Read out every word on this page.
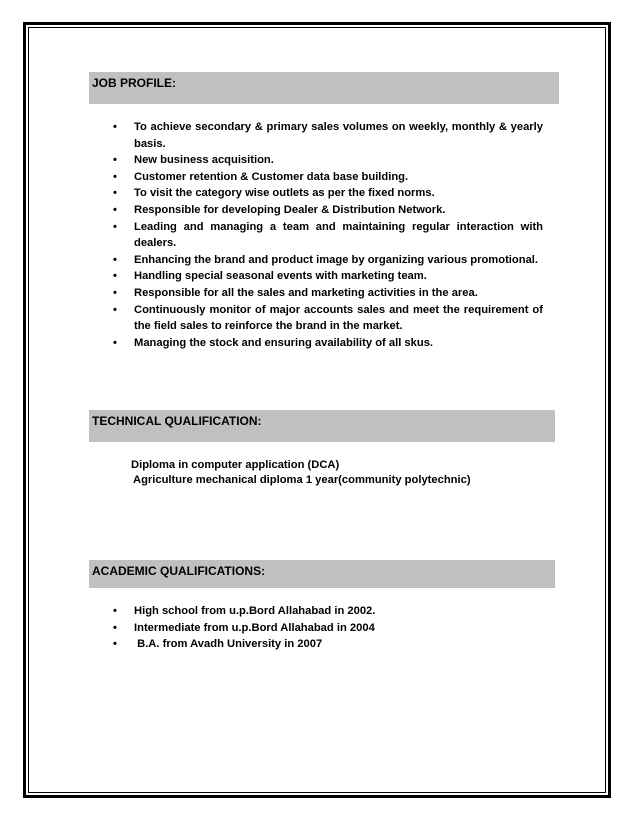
JOB PROFILE:
• To achieve secondary & primary sales volumes on weekly, monthly & yearly basis.
• New business acquisition.
• Customer retention & Customer data base building.
• To visit the category wise outlets as per the fixed norms.
• Responsible for developing Dealer & Distribution Network.
• Leading and managing a team and maintaining regular interaction with dealers.
• Enhancing the brand and product image by organizing various promotional.
• Handling special seasonal events with marketing team.
• Responsible for all the sales and marketing activities in the area.
• Continuously monitor of major accounts sales and meet the requirement of the field sales to reinforce the brand in the market.
• Managing the stock and ensuring availability of all skus.
TECHNICAL QUALIFICATION:
Diploma in computer application (DCA)
Agriculture mechanical diploma 1 year(community polytechnic)
ACADEMIC QUALIFICATIONS:
• High school from u.p.Bord Allahabad in 2002.
• Intermediate from u.p.Bord Allahabad in 2004
• B.A. from Avadh University in 2007
